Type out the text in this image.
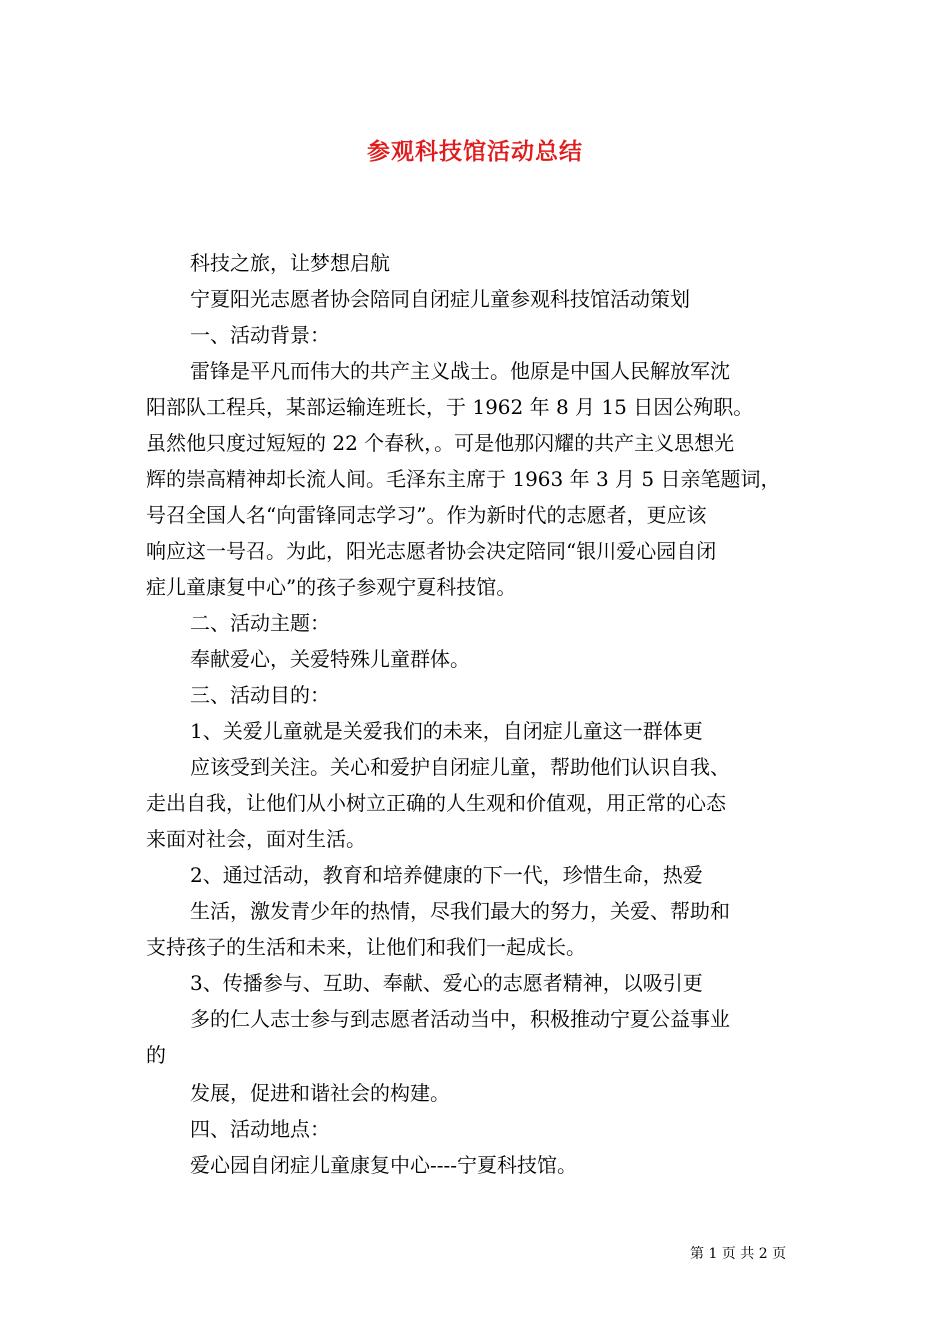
参观科技馆活动总结
科技之旅，让梦想启航
宁夏阳光志愿者协会陪同自闭症儿童参观科技馆活动策划
一、活动背景：
雷锋是平凡而伟大的共产主义战士。他原是中国人民解放军沈
阳部队工程兵，某部运输连班长，于 1962 年 8 月 15 日因公殉职。
虽然他只度过短短的 22 个春秋，。可是他那闪耀的共产主义思想光
辉的崇高精神却长流人间。毛泽东主席于 1963 年 3 月 5 日亲笔题词，
号召全国人名“向雷锋同志学习”。作为新时代的志愿者，更应该
响应这一号召。为此，阳光志愿者协会决定陪同“银川爱心园自闭
症儿童康复中心”的孩子参观宁夏科技馆。
二、活动主题：
奉献爱心，关爱特殊儿童群体。
三、活动目的：
1、关爱儿童就是关爱我们的未来，自闭症儿童这一群体更
应该受到关注。关心和爱护自闭症儿童，帮助他们认识自我、
走出自我，让他们从小树立正确的人生观和价值观，用正常的心态
来面对社会，面对生活。
2、通过活动，教育和培养健康的下一代，珍惜生命，热爱
生活，激发青少年的热情，尽我们最大的努力，关爱、帮助和
支持孩子的生活和未来，让他们和我们一起成长。
3、传播参与、互助、奉献、爱心的志愿者精神，以吸引更
多的仁人志士参与到志愿者活动当中，积极推动宁夏公益事业
的
发展，促进和谐社会的构建。
四、活动地点：
爱心园自闭症儿童康复中心----宁夏科技馆。
第 1 页 共 2 页
